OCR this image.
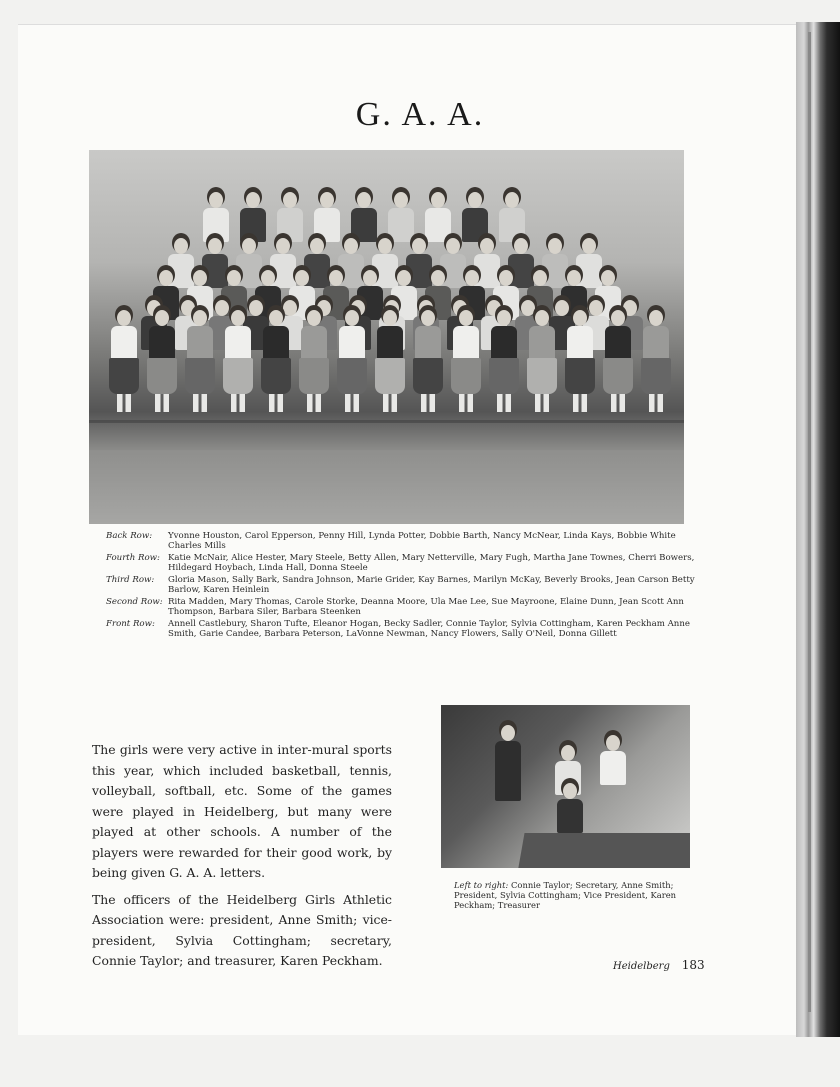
G. A. A.
Back Row:	Yvonne Houston, Carol Epperson, Penny Hill, Lynda Potter, Dobbie Barth, Nancy McNear, Linda Kays, Bobbie White Charles Mills
Fourth Row: Katie McNair, Alice Hester, Mary Steele, Betty Allen, Mary Netterville, Mary Fugh, Martha Jane Townes, Cherri Bowers, Hildegard Hoybach, Linda Hall, Donna Steele
Third Row:	Gloria Mason, Sally Bark, Sandra Johnson, Marie Grider, Kay Barnes, Marilyn McKay, Beverly Brooks, Jean Carson Betty Barlow, Karen Heinlein
Second Row: Rita Madden, Mary Thomas, Carole Storke, Deanna Moore, Ula Mae Lee, Sue Mayroone, Elaine Dunn, Jean Scott Ann Thompson, Barbara Siler, Barbara Steenken
Front Row:	Annell Castlebury, Sharon Tufte, Eleanor Hogan, Becky Sadler, Connie Taylor, Sylvia Cottingham, Karen Peckham Anne Smith, Garie Candee, Barbara Peterson, LaVonne Newman, Nancy Flowers, Sally O'Neil, Donna Gillett

The girls were very active in inter-mural sports this year, which included basketball, tennis, volleyball, softball, etc. Some of the games were played in Heidelberg, but many were played at other schools. A number of the players were rewarded for their good work, by being given G. A. A. letters.

The officers of the Heidelberg Girls Athletic Association were: president, Anne Smith; vice-president, Sylvia Cottingham; secretary, Connie Taylor; and treasurer, Karen Peckham.

Left to right: Connie Taylor; Secretary, Anne Smith; President, Sylvia Cottingham; Vice President, Karen Peckham; Treasurer
Heidelberg 183
